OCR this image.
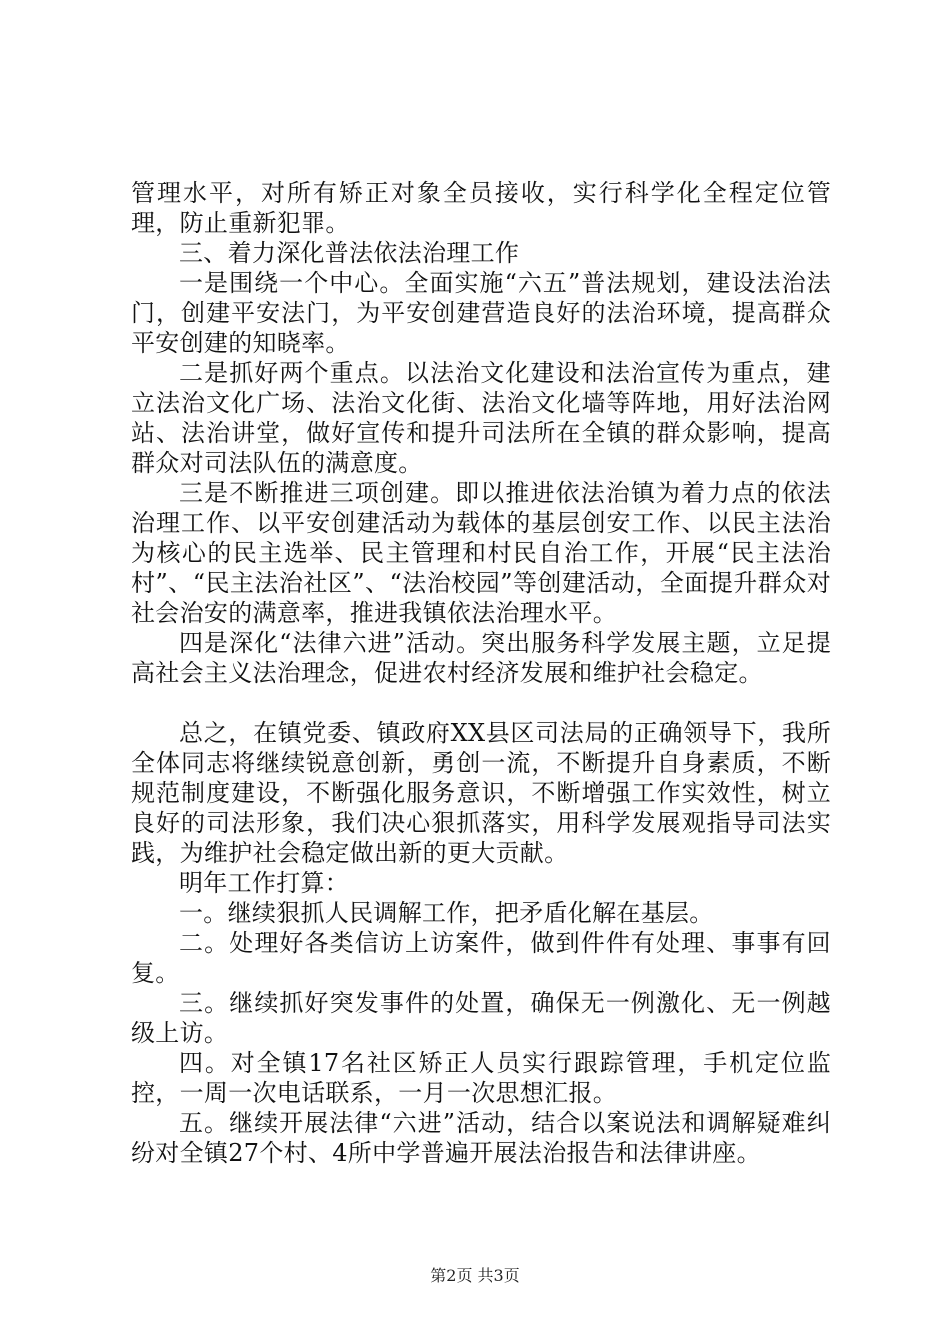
管理水平，对所有矫正对象全员接收，实行科学化全程定位管理，防止重新犯罪。

三、着力深化普法依法治理工作

一是围绕一个中心。全面实施“六五”普法规划，建设法治法门，创建平安法门，为平安创建营造良好的法治环境，提高群众平安创建的知晓率。

二是抓好两个重点。以法治文化建设和法治宣传为重点，建立法治文化广场、法治文化街、法治文化墙等阵地，用好法治网站、法治讲堂，做好宣传和提升司法所在全镇的群众影响，提高群众对司法队伍的满意度。

三是不断推进三项创建。即以推进依法治镇为着力点的依法治理工作、以平安创建活动为载体的基层创安工作、以民主法治为核心的民主选举、民主管理和村民自治工作，开展“民主法治村”、“民主法治社区”、“法治校园”等创建活动，全面提升群众对社会治安的满意率，推进我镇依法治理水平。

四是深化“法律六进”活动。突出服务科学发展主题，立足提高社会主义法治理念，促进农村经济发展和维护社会稳定。

总之，在镇党委、镇政府XX县区司法局的正确领导下，我所全体同志将继续锐意创新，勇创一流，不断提升自身素质，不断规范制度建设，不断强化服务意识，不断增强工作实效性，树立良好的司法形象，我们决心狠抓落实，用科学发展观指导司法实践，为维护社会稳定做出新的更大贡献。

明年工作打算：

一。继续狠抓人民调解工作，把矛盾化解在基层。

二。处理好各类信访上访案件，做到件件有处理、事事有回复。

三。继续抓好突发事件的处置，确保无一例激化、无一例越级上访。

四。对全镇17名社区矫正人员实行跟踪管理，手机定位监控，一周一次电话联系，一月一次思想汇报。

五。继续开展法律“六进”活动，结合以案说法和调解疑难纠纷对全镇27个村、4所中学普遍开展法治报告和法律讲座。

第2页 共3页
